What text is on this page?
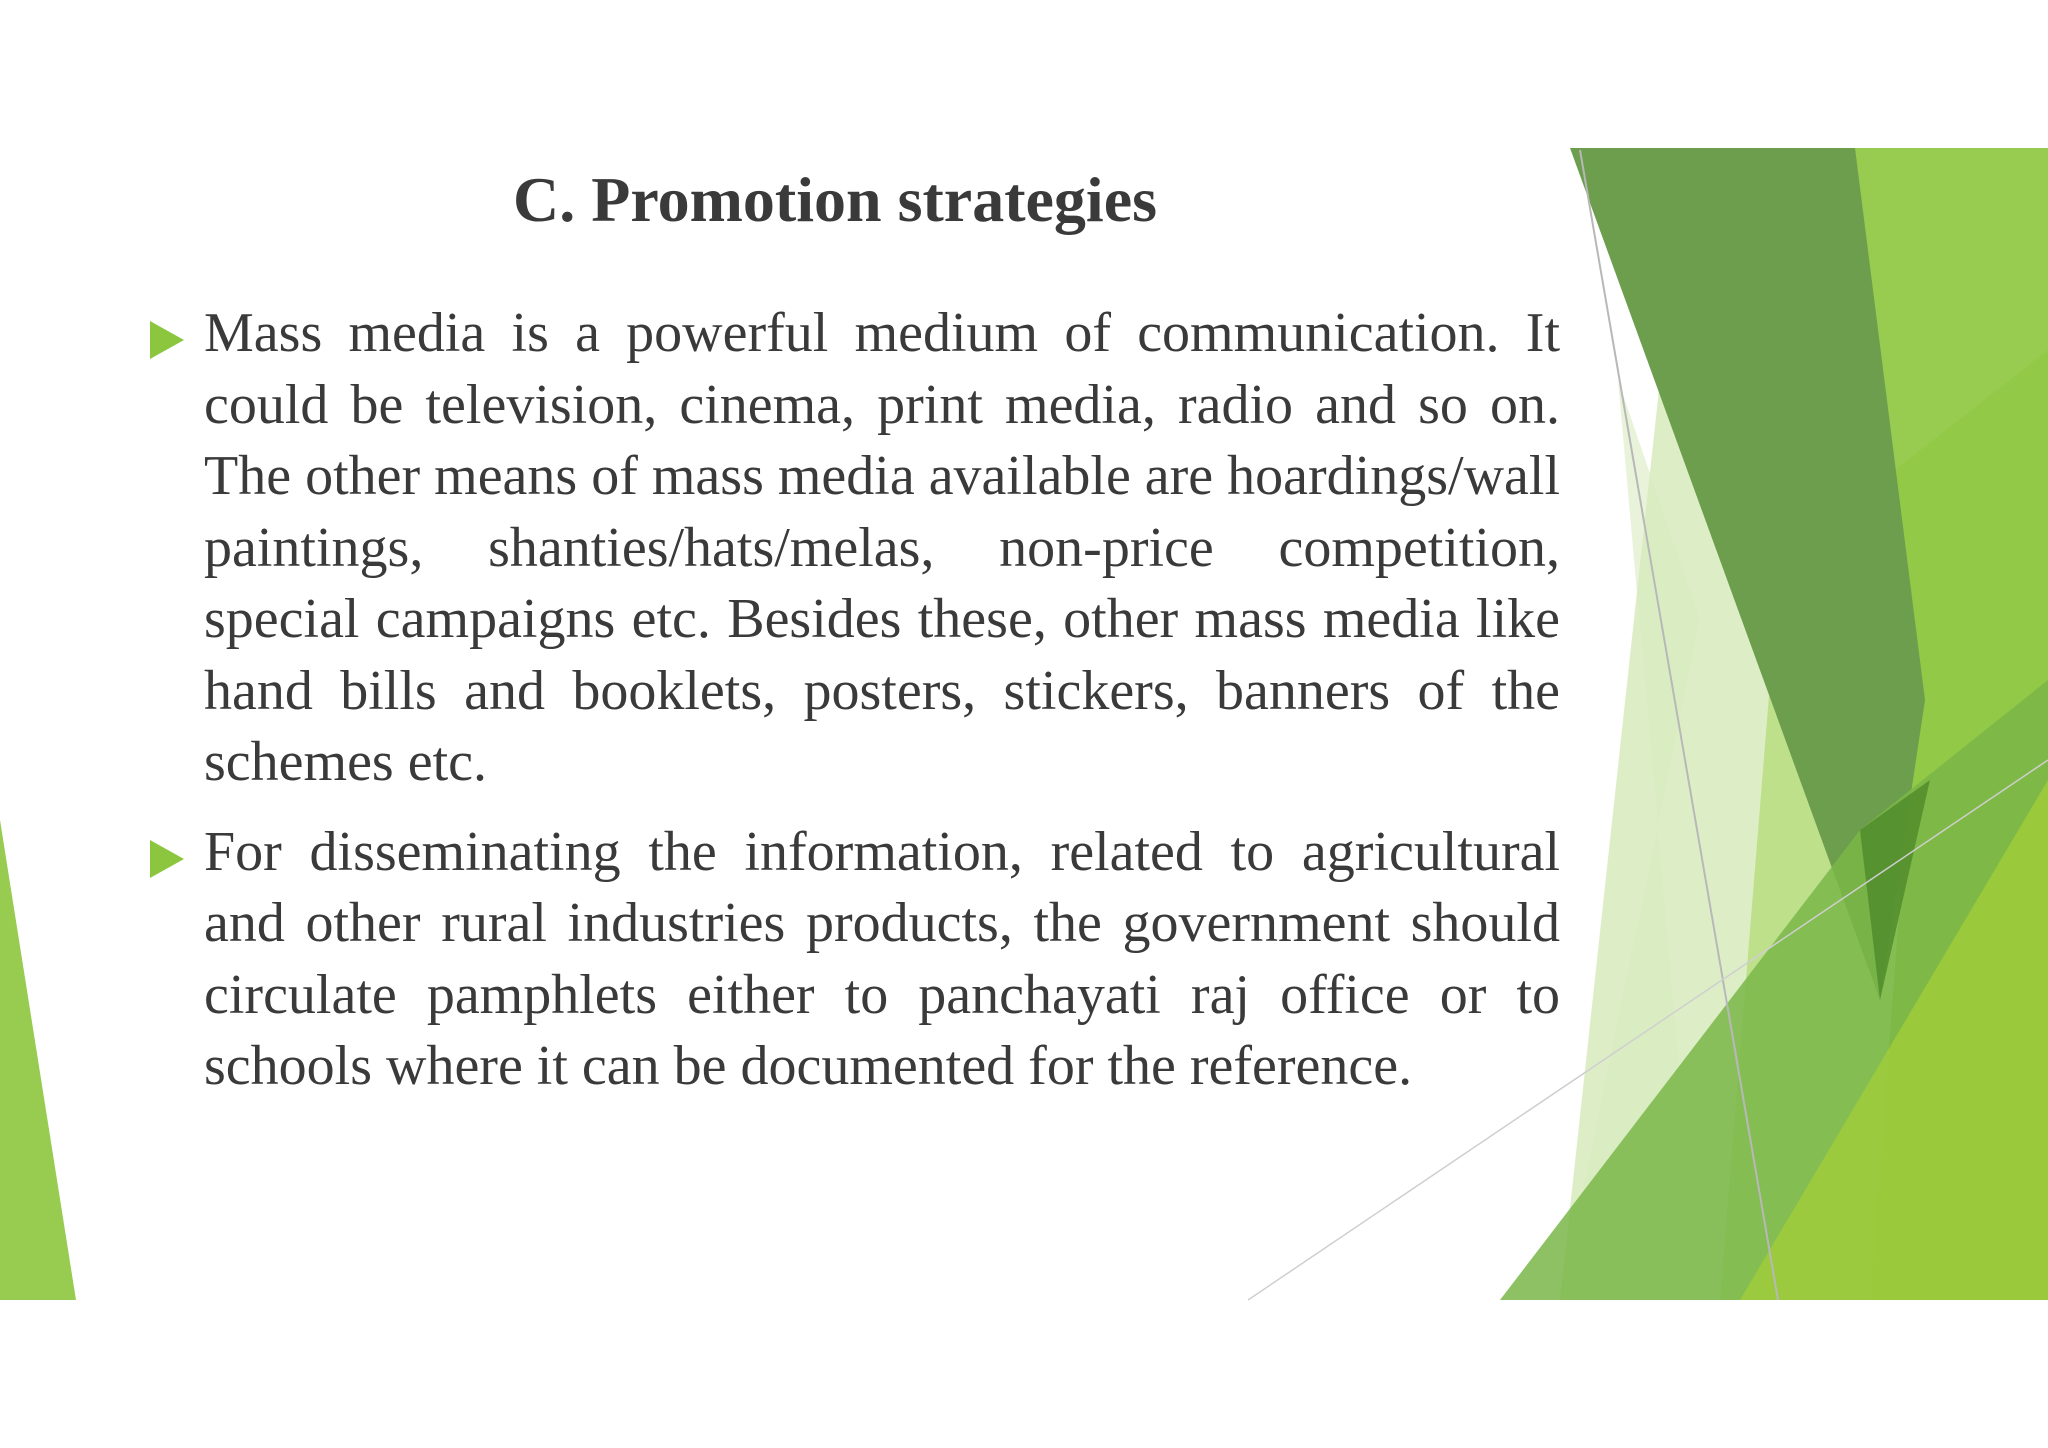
C. Promotion strategies
Mass media is a powerful medium of communication. It could be television, cinema, print media, radio and so on. The other means of mass media available are hoardings/wall paintings, shanties/hats/melas, non-price competition, special campaigns etc. Besides these, other mass media like hand bills and booklets, posters, stickers, banners of the schemes etc.
For disseminating the information, related to agricultural and other rural industries products, the government should circulate pamphlets either to panchayati raj office or to schools where it can be documented for the reference.
